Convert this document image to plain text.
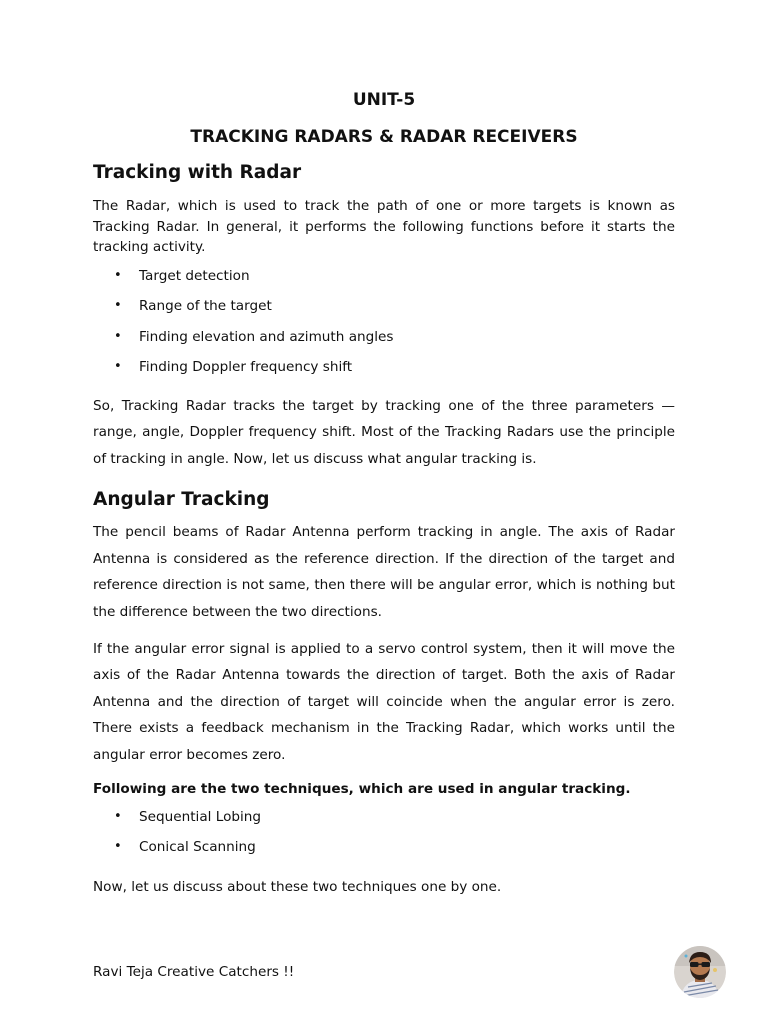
UNIT-5
TRACKING RADARS & RADAR RECEIVERS
Tracking with Radar

The Radar, which is used to track the path of one or more targets is known as Tracking Radar. In general, it performs the following functions before it starts the tracking activity.

• Target detection
• Range of the target
• Finding elevation and azimuth angles
• Finding Doppler frequency shift

So, Tracking Radar tracks the target by tracking one of the three parameters — range, angle, Doppler frequency shift. Most of the Tracking Radars use the principle of tracking in angle. Now, let us discuss what angular tracking is.

Angular Tracking

The pencil beams of Radar Antenna perform tracking in angle. The axis of Radar Antenna is considered as the reference direction. If the direction of the target and reference direction is not same, then there will be angular error, which is nothing but the difference between the two directions.

If the angular error signal is applied to a servo control system, then it will move the axis of the Radar Antenna towards the direction of target. Both the axis of Radar Antenna and the direction of target will coincide when the angular error is zero. There exists a feedback mechanism in the Tracking Radar, which works until the angular error becomes zero.

Following are the two techniques, which are used in angular tracking.

• Sequential Lobing
• Conical Scanning

Now, let us discuss about these two techniques one by one.

Ravi Teja Creative Catchers !!
